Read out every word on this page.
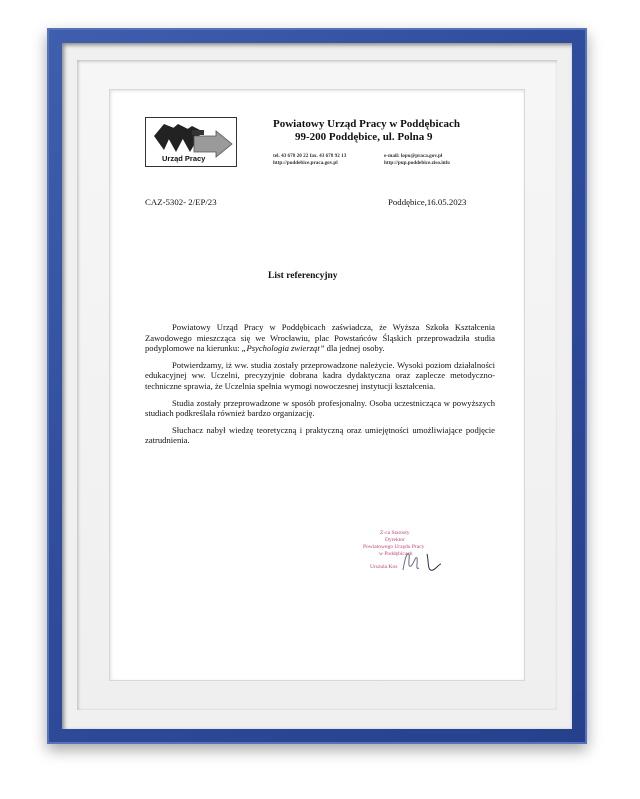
Urząd Pracy
Powiatowy Urząd Pracy w Poddębicach
99-200 Poddębice, ul. Polna 9
tel. 43 678 20 22 fax. 43 678 92 13
http://poddebice.praca.gov.pl
e-mail: lopo@praca.gov.pl
http://pup.poddebice.ziso.info
CAZ-5302- 2/EP/23	Poddębice,16.05.2023
List referencyjny

Powiatowy Urząd Pracy w Poddębicach zaświadcza, że Wyższa Szkoła Kształcenia Zawodowego mieszcząca się we Wrocławiu, plac Powstańców Śląskich przeprowadziła studia podyplomowe na kierunku: „Psychologia zwierząt” dla jednej osoby.

Potwierdzamy, iż ww. studia zostały przeprowadzone należycie. Wysoki poziom działalności edukacyjnej ww. Uczelni, precyzyjnie dobrana kadra dydaktyczna oraz zaplecze metodyczno-techniczne sprawia, że Uczelnia spełnia wymogi nowoczesnej instytucji kształcenia.

Studia zostały przeprowadzone w sposób profesjonalny. Osoba uczestnicząca w powyższych studiach podkreślała również bardzo organizację.

Słuchacz nabył wiedzę teoretyczną i praktyczną oraz umiejętności umożliwiające podjęcie zatrudnienia.

Z-ca Starosty
Dyrektor
Powiatowego Urzędu Pracy
w Poddębicach
Urszula Kos
